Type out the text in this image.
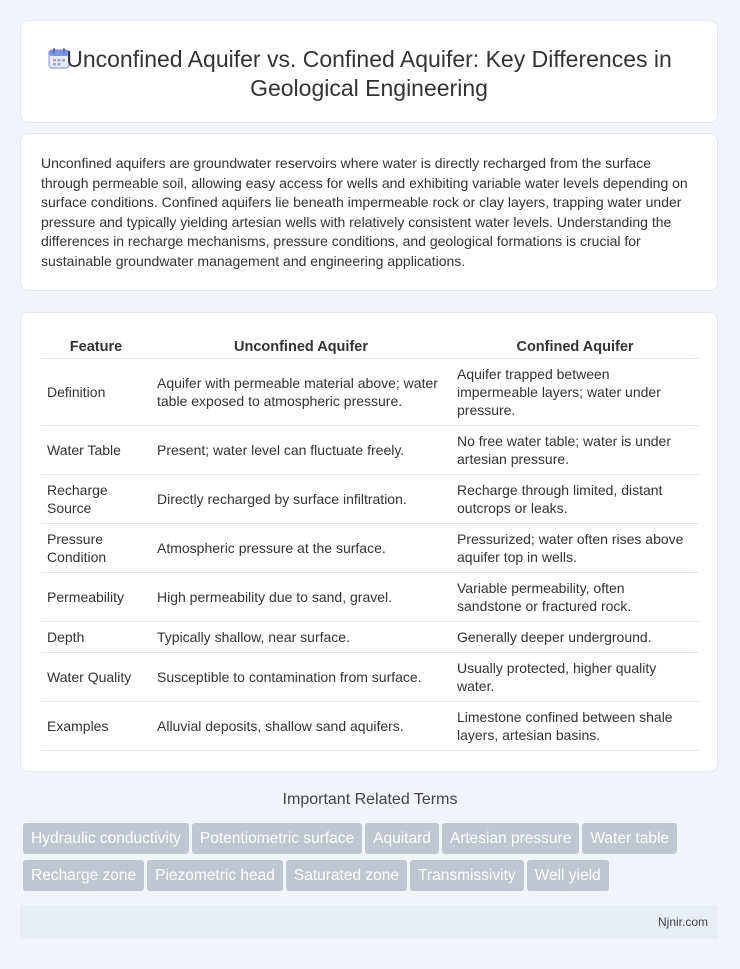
Unconfined Aquifer vs. Confined Aquifer: Key Differences in Geological Engineering

Unconfined aquifers are groundwater reservoirs where water is directly recharged from the surface through permeable soil, allowing easy access for wells and exhibiting variable water levels depending on surface conditions. Confined aquifers lie beneath impermeable rock or clay layers, trapping water under pressure and typically yielding artesian wells with relatively consistent water levels. Understanding the differences in recharge mechanisms, pressure conditions, and geological formations is crucial for sustainable groundwater management and engineering applications.

Feature	Unconfined Aquifer	Confined Aquifer
Definition	Aquifer with permeable material above; water table exposed to atmospheric pressure.	Aquifer trapped between impermeable layers; water under pressure.
Water Table	Present; water level can fluctuate freely.	No free water table; water is under artesian pressure.
Recharge Source	Directly recharged by surface infiltration.	Recharge through limited, distant outcrops or leaks.
Pressure Condition	Atmospheric pressure at the surface.	Pressurized; water often rises above aquifer top in wells.
Permeability	High permeability due to sand, gravel.	Variable permeability, often sandstone or fractured rock.
Depth	Typically shallow, near surface.	Generally deeper underground.
Water Quality	Susceptible to contamination from surface.	Usually protected, higher quality water.
Examples	Alluvial deposits, shallow sand aquifers.	Limestone confined between shale layers, artesian basins.
Important Related Terms
Hydraulic conductivity Potentiometric surface Aquitard Artesian pressure Water table
Recharge zone Piezometric head Saturated zone Transmissivity Well yield
Njnir.com
